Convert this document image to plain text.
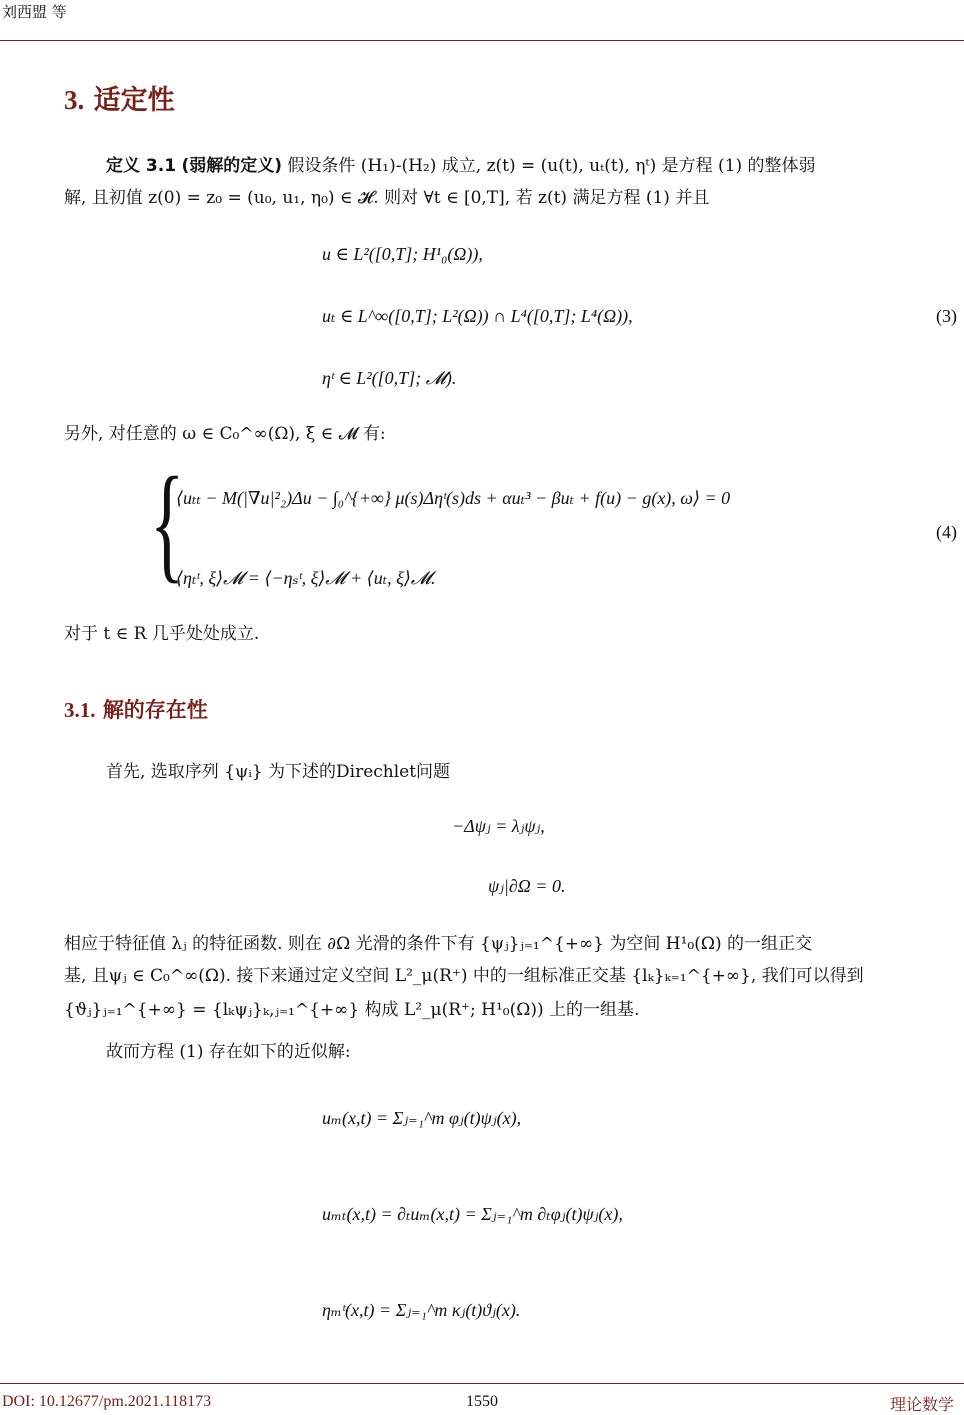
刘西盟 等
3. 适定性
定义 3.1 (弱解的定义) 假设条件 (H₁)-(H₂) 成立, z(t) = (u(t), uₜ(t), ηᵗ) 是方程 (1) 的整体弱
解, 且初值 z(0) = z₀ = (u₀, u₁, η₀) ∈ 𝓗. 则对 ∀t ∈ [0,T], 若 z(t) 满足方程 (1) 并且
u ∈ L²([0,T]; H¹₀(Ω)),
uₜ ∈ L^∞([0,T]; L²(Ω)) ∩ L⁴([0,T]; L⁴(Ω)),
ηᵗ ∈ L²([0,T]; 𝓜).
(3)
另外, 对任意的 ω ∈ C₀^∞(Ω), ξ ∈ 𝓜 有:
{
⟨uₜₜ − M(|∇u|²₂)Δu − ∫₀^{+∞} μ(s)Δηᵗ(s)ds + αuₜ³ − βuₜ + f(u) − g(x), ω⟩ = 0
⟨ηₜᵗ, ξ⟩𝓜 = ⟨−ηₛᵗ, ξ⟩𝓜 + ⟨uₜ, ξ⟩𝓜.
(4)
对于 t ∈ R 几乎处处成立.
3.1. 解的存在性
首先, 选取序列 {ψᵢ} 为下述的Direchlet问题
−Δψⱼ = λⱼψⱼ,
ψⱼ|∂Ω = 0.
相应于特征值 λⱼ 的特征函数. 则在 ∂Ω 光滑的条件下有 {ψⱼ}ⱼ₌₁^{+∞} 为空间 H¹₀(Ω) 的一组正交
基, 且ψⱼ ∈ C₀^∞(Ω). 接下来通过定义空间 L²_μ(R⁺) 中的一组标准正交基 {lₖ}ₖ₌₁^{+∞}, 我们可以得到
{ϑⱼ}ⱼ₌₁^{+∞} = {lₖψⱼ}ₖ,ⱼ₌₁^{+∞} 构成 L²_μ(R⁺; H¹₀(Ω)) 上的一组基.
故而方程 (1) 存在如下的近似解:
uₘ(x,t) = Σⱼ₌₁^m φⱼ(t)ψⱼ(x),
uₘₜ(x,t) = ∂ₜuₘ(x,t) = Σⱼ₌₁^m ∂ₜφⱼ(t)ψⱼ(x),
ηₘᵗ(x,t) = Σⱼ₌₁^m κⱼ(t)ϑⱼ(x).
DOI: 10.12677/pm.2021.118173	1550	理论数学
